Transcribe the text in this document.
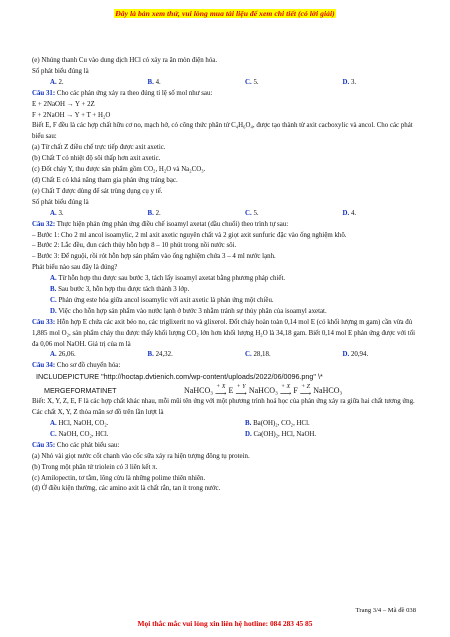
Đây là bản xem thử, vui lòng mua tài liệu để xem chi tiết (có lời giải)

(e) Nhúng thanh Cu vào dung dịch HCl có xảy ra ăn mòn điện hóa.

Số phát biểu đúng là

A. 2.	B. 4.	C. 5.	D. 3.

Câu 31: Cho các phản ứng xảy ra theo đúng tỉ lệ số mol như sau:

E + 2NaOH → Y + 2Z

F + 2NaOH → Y + T + H₂O

Biết E, F đều là các hợp chất hữu cơ no, mạch hở, có công thức phân tử C₄H₆O₄, được tạo thành từ axit cacboxylic và ancol. Cho các phát biểu sau:

(a) Từ chất Z điều chế trực tiếp được axit axetic.

(b) Chất T có nhiệt độ sôi thấp hơn axit axetic.

(c) Đốt cháy Y, thu được sản phẩm gồm CO₂, H₂O và Na₂CO₃.

(d) Chất E có khả năng tham gia phản ứng tráng bạc.

(e) Chất T được dùng để sát trùng dụng cụ y tế.

Số phát biểu đúng là

A. 3.	B. 2.	C. 5.	D. 4.

Câu 32: Thực hiện phản ứng phản ứng điều chế isoamyl axetat (dầu chuối) theo trình tự sau:

– Bước 1: Cho 2 ml ancol isoamylic, 2 ml axit axetic nguyên chất và 2 giọt axit sunfuric đặc vào ống nghiệm khô.

– Bước 2: Lắc đều, đun cách thủy hỗn hợp 8 – 10 phút trong nồi nước sôi.

– Bước 3: Để nguội, rồi rót hỗn hợp sản phẩm vào ống nghiệm chứa 3 – 4 ml nước lạnh.

Phát biểu nào sau đây là đúng?

A. Từ hỗn hợp thu được sau bước 3, tách lấy isoamyl axetat bằng phương pháp chiết.

B. Sau bước 3, hỗn hợp thu được tách thành 3 lớp.

C. Phản ứng este hóa giữa ancol isoamylic với axit axetic là phản ứng một chiều.

D. Việc cho hỗn hợp sản phẩm vào nước lạnh ở bước 3 nhằm tránh sự thủy phân của isoamyl axetat.

Câu 33: Hỗn hợp E chứa các axit béo no, các triglixerit no và glixerol. Đốt cháy hoàn toàn 0,14 mol E (có khối lượng m gam) cần vừa đủ 1,885 mol O₂, sản phẩm cháy thu được thấy khối lượng CO₂ lớn hơn khối lượng H₂O là 34,18 gam. Biết 0,14 mol E phản ứng được với tối đa 0,06 mol NaOH. Giá trị của m là

A. 26,06.	B. 24,32.	C. 28,18.	D. 20,94.

Câu 34: Cho sơ đồ chuyển hóa:

INCLUDEPICTURE "http://hoctap.dvtienich.com/wp-content/uploads/2022/06/0096.png" \*

MERGEFORMATINET	NaHCO₃ + X
⟶ E + Y
⟶ NaHCO₃ + X
⟶ F + Z
⟶ NaHCO₃

Biết: X, Y, Z, E, F là các hợp chất khác nhau, mỗi mũi tên ứng với một phương trình hoá học của phản ứng xảy ra giữa hai chất tương ứng. Các chất X, Y, Z thỏa mãn sơ đồ trên lần lượt là

A. HCl, NaOH, CO₂.	B. Ba(OH)₂, CO₂, HCl.
C. NaOH, CO₂, HCl.	D. Ca(OH)₂, HCl, NaOH.

Câu 35: Cho các phát biểu sau:

(a) Nhỏ vài giọt nước cốt chanh vào cốc sữa xảy ra hiện tượng đông tụ protein.

(b) Trong một phân tử triolein có 3 liên kết π.

(c) Amilopectin, tơ tằm, lông cừu là những polime thiên nhiên.

(d) Ở điều kiện thường, các amino axit là chất rắn, tan ít trong nước.

Trang 3/4 – Mã đề 038
Mọi thắc mắc vui lòng xin liên hệ hotline: 084 283 45 85
